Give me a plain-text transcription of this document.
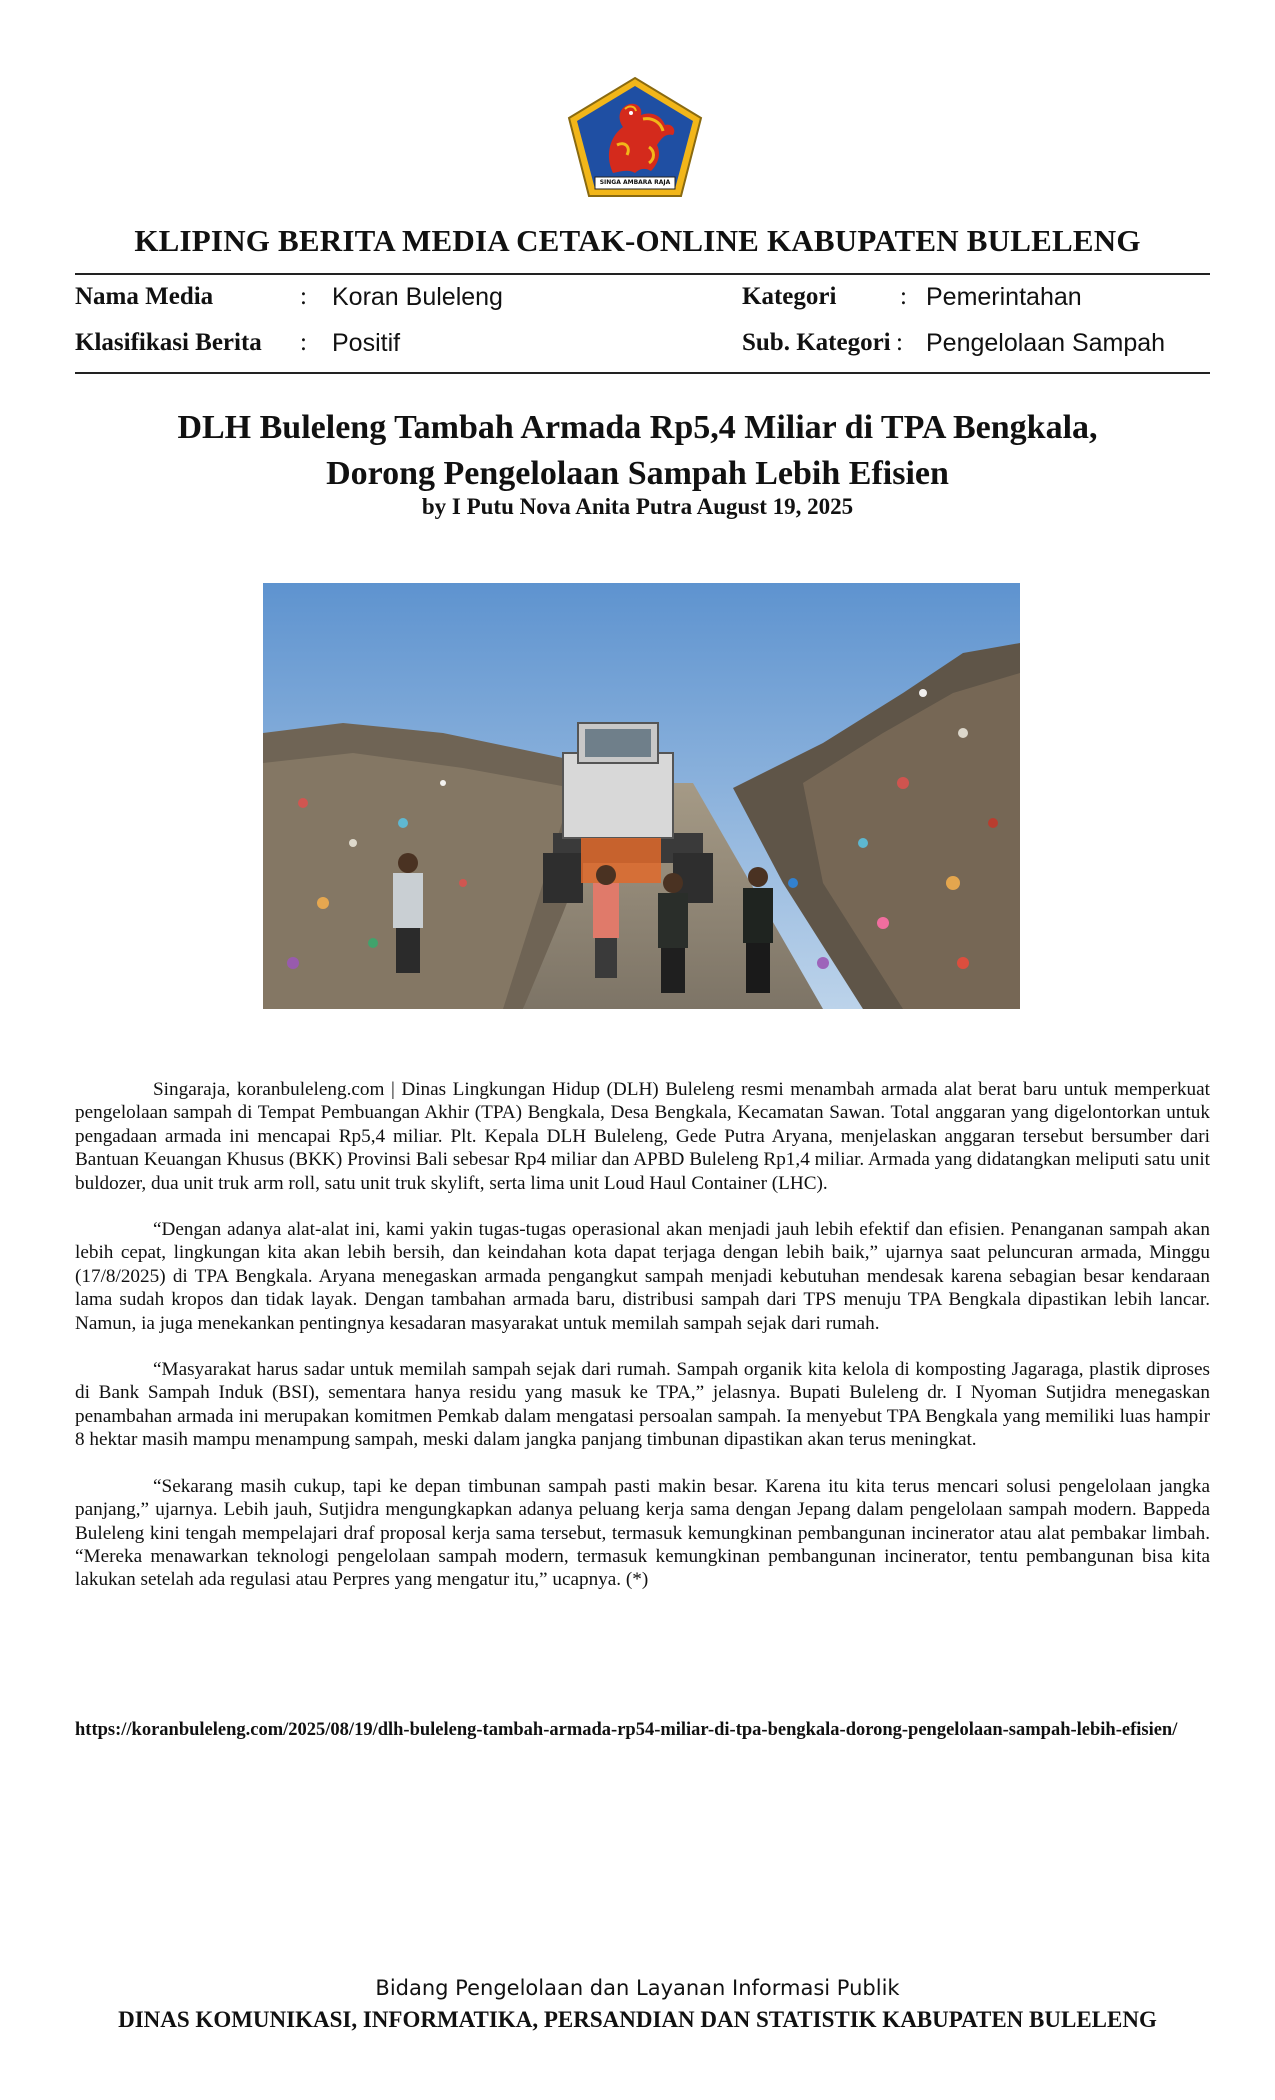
SINGA AMBARA RAJA
KLIPING BERITA MEDIA CETAK-ONLINE KABUPATEN BULELENG
Nama Media	: Koran Buleleng	Kategori	: Pemerintahan
Klasifikasi Berita : Positif	Sub. Kategori : Pengelolaan Sampah
DLH Buleleng Tambah Armada Rp5,4 Miliar di TPA Bengkala,
Dorong Pengelolaan Sampah Lebih Efisien
by I Putu Nova Anita Putra August 19, 2025

Singaraja, koranbuleleng.com | Dinas Lingkungan Hidup (DLH) Buleleng resmi menambah armada alat berat baru untuk memperkuat pengelolaan sampah di Tempat Pembuangan Akhir (TPA) Bengkala, Desa Bengkala, Kecamatan Sawan. Total anggaran yang digelontorkan untuk pengadaan armada ini mencapai Rp5,4 miliar. Plt. Kepala DLH Buleleng, Gede Putra Aryana, menjelaskan anggaran tersebut bersumber dari Bantuan Keuangan Khusus (BKK) Provinsi Bali sebesar Rp4 miliar dan APBD Buleleng Rp1,4 miliar. Armada yang didatangkan meliputi satu unit buldozer, dua unit truk arm roll, satu unit truk skylift, serta lima unit Loud Haul Container (LHC).

“Dengan adanya alat-alat ini, kami yakin tugas-tugas operasional akan menjadi jauh lebih efektif dan efisien. Penanganan sampah akan lebih cepat, lingkungan kita akan lebih bersih, dan keindahan kota dapat terjaga dengan lebih baik,” ujarnya saat peluncuran armada, Minggu (17/8/2025) di TPA Bengkala. Aryana menegaskan armada pengangkut sampah menjadi kebutuhan mendesak karena sebagian besar kendaraan lama sudah kropos dan tidak layak. Dengan tambahan armada baru, distribusi sampah dari TPS menuju TPA Bengkala dipastikan lebih lancar. Namun, ia juga menekankan pentingnya kesadaran masyarakat untuk memilah sampah sejak dari rumah.

“Masyarakat harus sadar untuk memilah sampah sejak dari rumah. Sampah organik kita kelola di komposting Jagaraga, plastik diproses di Bank Sampah Induk (BSI), sementara hanya residu yang masuk ke TPA,” jelasnya. Bupati Buleleng dr. I Nyoman Sutjidra menegaskan penambahan armada ini merupakan komitmen Pemkab dalam mengatasi persoalan sampah. Ia menyebut TPA Bengkala yang memiliki luas hampir 8 hektar masih mampu menampung sampah, meski dalam jangka panjang timbunan dipastikan akan terus meningkat.

“Sekarang masih cukup, tapi ke depan timbunan sampah pasti makin besar. Karena itu kita terus mencari solusi pengelolaan jangka panjang,” ujarnya. Lebih jauh, Sutjidra mengungkapkan adanya peluang kerja sama dengan Jepang dalam pengelolaan sampah modern. Bappeda Buleleng kini tengah mempelajari draf proposal kerja sama tersebut, termasuk kemungkinan pembangunan incinerator atau alat pembakar limbah. “Mereka menawarkan teknologi pengelolaan sampah modern, termasuk kemungkinan pembangunan incinerator, tentu pembangunan bisa kita lakukan setelah ada regulasi atau Perpres yang mengatur itu,” ucapnya. (*)

https://koranbuleleng.com/2025/08/19/dlh-buleleng-tambah-armada-rp54-miliar-di-tpa-bengkala-dorong-pengelolaan-sampah-lebih-efisien/
Bidang Pengelolaan dan Layanan Informasi Publik
DINAS KOMUNIKASI, INFORMATIKA, PERSANDIAN DAN STATISTIK KABUPATEN BULELENG
